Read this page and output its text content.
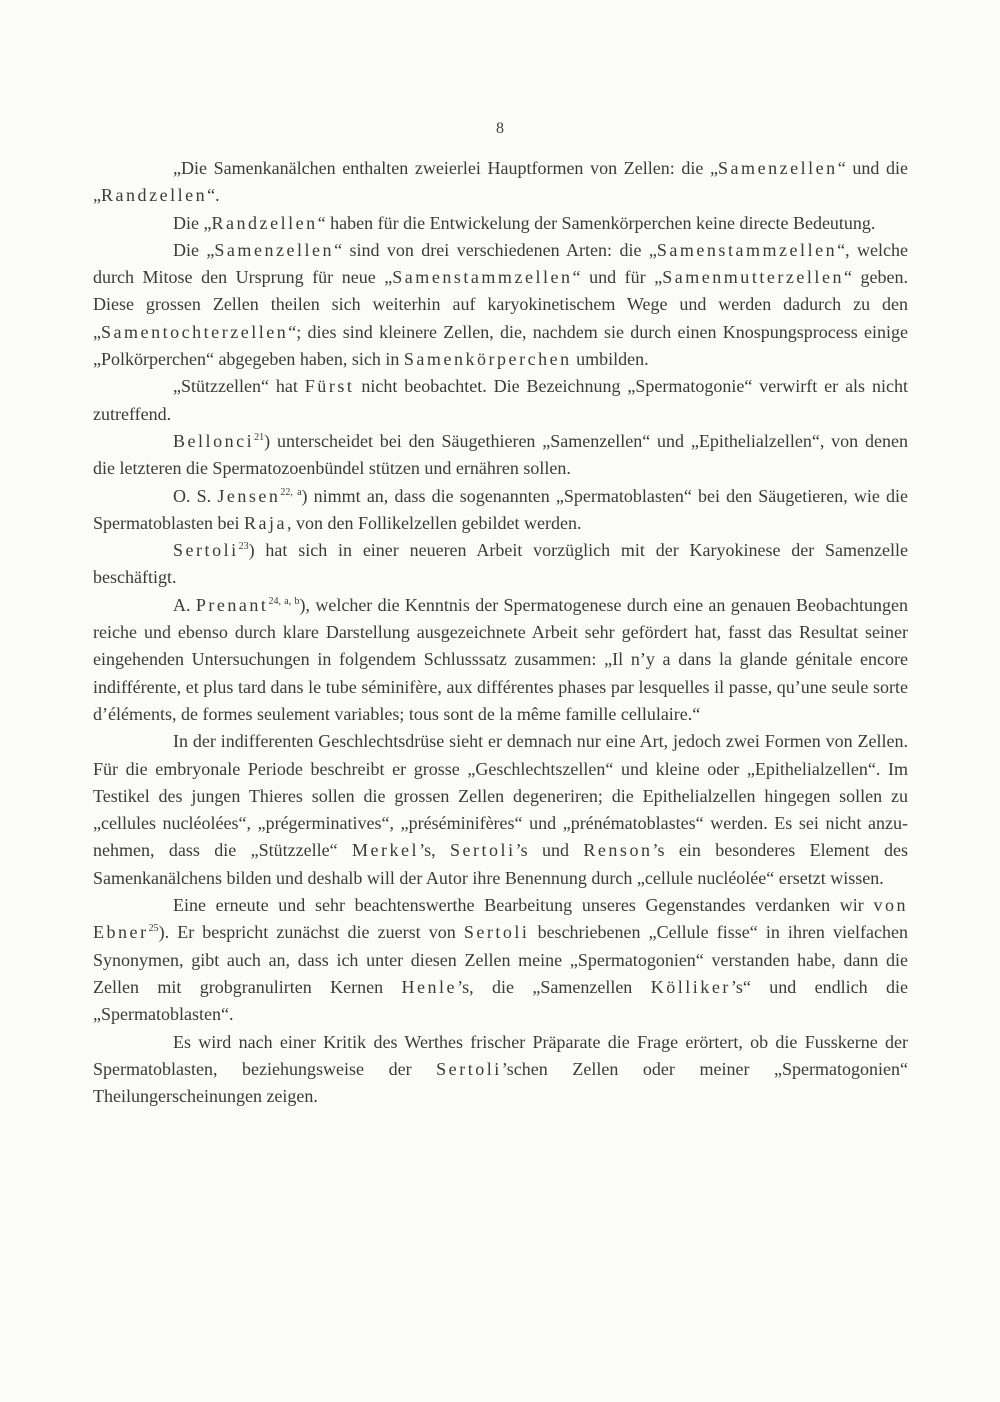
8

„Die Samenkanälchen enthalten zweierlei Hauptformen von Zellen: die „Samenzellen“ und die „Randzellen“.

Die „Randzellen“ haben für die Entwickelung der Samenkörperchen keine directe Bedeutung.

Die „Samenzellen“ sind von drei verschiedenen Arten: die „Samenstammzellen“, welche durch Mitose den Ursprung für neue „Samenstammzellen“ und für „Samenmutterzellen“ geben. Diese grossen Zellen theilen sich weiterhin auf karyokinetischem Wege und werden dadurch zu den „Samentochterzellen“; dies sind kleinere Zellen, die, nachdem sie durch einen Knospungsprocess einige „Polkörperchen“ abgegeben haben, sich in Samenkörperchen umbilden.

„Stützzellen“ hat Fürst nicht beobachtet. Die Bezeichnung „Spermatogonie“ verwirft er als nicht zutreffend.

Bellonci$^{21}$) unterscheidet bei den Säugethieren „Samenzellen“ und „Epithelialzellen“, von denen die letzteren die Spermatozoenbündel stützen und ernähren sollen.

O. S. Jensen$^{22, a}$) nimmt an, dass die sogenannten „Spermatoblasten“ bei den Säugetieren, wie die Spermatoblasten bei Raja, von den Follikelzellen gebildet werden.

Sertoli$^{23}$) hat sich in einer neueren Arbeit vorzüglich mit der Karyokinese der Samenzelle beschäftigt.

A. Prenant$^{24, a, b}$), welcher die Kenntnis der Spermatogenese durch eine an genauen Beobachtungen reiche und ebenso durch klare Darstellung ausgezeichnete Arbeit sehr gefördert hat, fasst das Resultat seiner eingehenden Untersuchungen in folgendem Schlusssatz zusammen: „Il n’y a dans la glande génitale encore indifférente, et plus tard dans le tube séminifère, aux différentes phases par lesquelles il passe, qu’une seule sorte d’éléments, de formes seulement variables; tous sont de la même famille cellulaire.“

In der indifferenten Geschlechtsdrüse sieht er demnach nur eine Art, jedoch zwei Formen von Zellen. Für die embryonale Periode beschreibt er grosse „Geschlechtszellen“ und kleine oder „Epithelialzellen“. Im Testikel des jungen Thieres sollen die grossen Zellen degeneriren; die Epithelialzellen hingegen sollen zu „cellules nucléolées“, „prégerminatives“, „préséminifères“ und „prénématoblastes“ werden. Es sei nicht anzunehmen, dass die „Stützzelle“ Merkel’s, Sertoli’s und Renson’s ein besonderes Element des Samenkanälchens bilden und deshalb will der Autor ihre Benennung durch „cellule nucléolée“ ersetzt wissen.

Eine erneute und sehr beachtenswerthe Bearbeitung unseres Gegenstandes verdanken wir von Ebner$^{25}$). Er bespricht zunächst die zuerst von Sertoli beschriebenen „Cellule fisse“ in ihren vielfachen Synonymen, gibt auch an, dass ich unter diesen Zellen meine „Spermatogonien“ verstanden habe, dann die Zellen mit grobgranulirten Kernen Henle’s, die „Samenzellen Kölliker’s“ und endlich die „Spermatoblasten“.

Es wird nach einer Kritik des Werthes frischer Präparate die Frage erörtert, ob die Fusskerne der Spermatoblasten, beziehungsweise der Sertoli’schen Zellen oder meiner „Spermatogonien“ Theilungerscheinungen zeigen.
